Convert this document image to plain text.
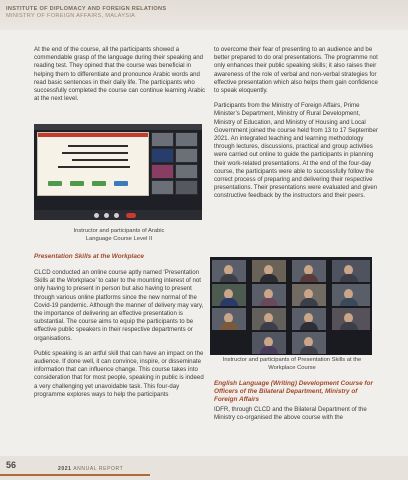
INSTITUTE OF DIPLOMACY AND FOREIGN RELATIONS
MINISTRY OF FOREIGN AFFAIRS, MALAYSIA

At the end of the course, all the participants showed a commendable grasp of the language during their speaking and reading test. They opined that the course was beneficial in helping them to differentiate and pronounce Arabic words and read basic sentences in their daily life. The participants who successfully completed the course can continue learning Arabic at the next level.

Instructor and participants of Arabic Language Course Level II
Presentation Skills at the Workplace

CLCD conducted an online course aptly named ‘Presentation Skills at the Workplace’ to cater to the mounting interest of not only having to present in person but also having to present through various online platforms since the new normal of the Covid-19 pandemic. Although the manner of delivery may vary, the importance of delivering an effective presentation is substantial. The course aims to equip the participants to be effective public speakers in their respective departments or organisations.

Public speaking is an artful skill that can have an impact on the audience. If done well, it can convince, inspire, or disseminate information that can influence change. This course takes into consideration that for most people, speaking in public is indeed a very challenging yet unavoidable task. This four-day programme explores ways to help the participants

to overcome their fear of presenting to an audience and be better prepared to do oral presentations. The programme not only enhances their public speaking skills; it also raises their awareness of the role of verbal and non-verbal strategies for effective presentation which also helps them gain confidence to speak eloquently.

Participants from the Ministry of Foreign Affairs, Prime Minister’s Department, Ministry of Rural Development, Ministry of Education, and Ministry of Housing and Local Government joined the course held from 13 to 17 September 2021. An integrated teaching and learning methodology through lectures, discussions, practical and group activities were carried out online to guide the participants in planning their work-related presentations. At the end of the four-day course, the participants were able to successfully follow the correct process of preparing and delivering their respective presentations. Their presentations were evaluated and given constructive feedback by the instructors and their peers.

Instructor and participants of Presentation Skills at the Workplace Course
English Language (Writing) Development Course for Officers of the Bilateral Department, Ministry of Foreign Affairs

IDFR, through CLCD and the Bilateral Department of the Ministry co-organised the above course with the

56	2021 ANNUAL REPORT
